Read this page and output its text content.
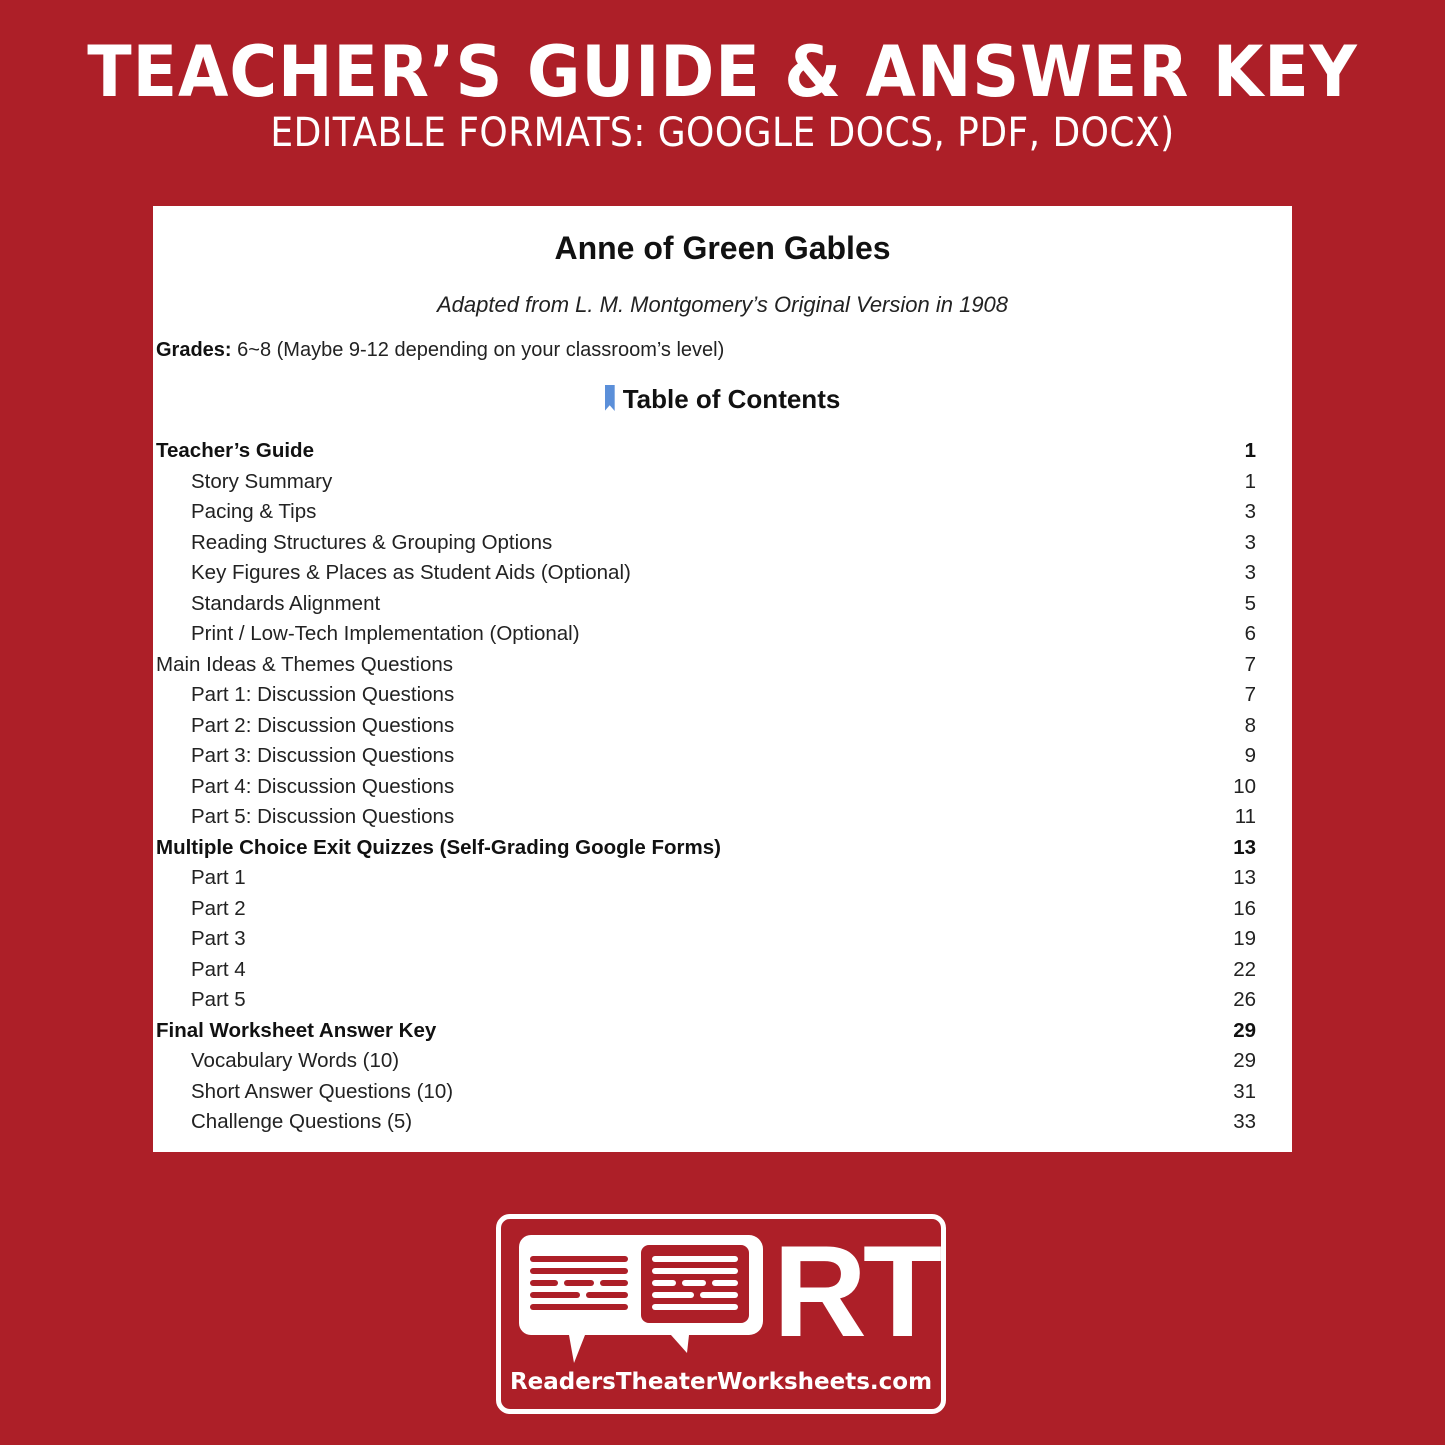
TEACHER’S GUIDE & ANSWER KEY
EDITABLE FORMATS: GOOGLE DOCS, PDF, DOCX)
Anne of Green Gables
Adapted from L. M. Montgomery’s Original Version in 1908
Grades: 6~8 (Maybe 9-12 depending on your classroom’s level)
Table of Contents
Teacher’s Guide	1
Story Summary	1
Pacing & Tips	3
Reading Structures & Grouping Options	3
Key Figures & Places as Student Aids (Optional)	3
Standards Alignment	5
Print / Low-Tech Implementation (Optional)	6
Main Ideas & Themes Questions	7
Part 1: Discussion Questions	7
Part 2: Discussion Questions	8
Part 3: Discussion Questions	9
Part 4: Discussion Questions	10
Part 5: Discussion Questions	11
Multiple Choice Exit Quizzes (Self-Grading Google Forms)	13
Part 1	13
Part 2	16
Part 3	19
Part 4	22
Part 5	26
Final Worksheet Answer Key	29
Vocabulary Words (10)	29
Short Answer Questions (10)	31
Challenge Questions (5)	33
RT
ReadersTheaterWorksheets.com
